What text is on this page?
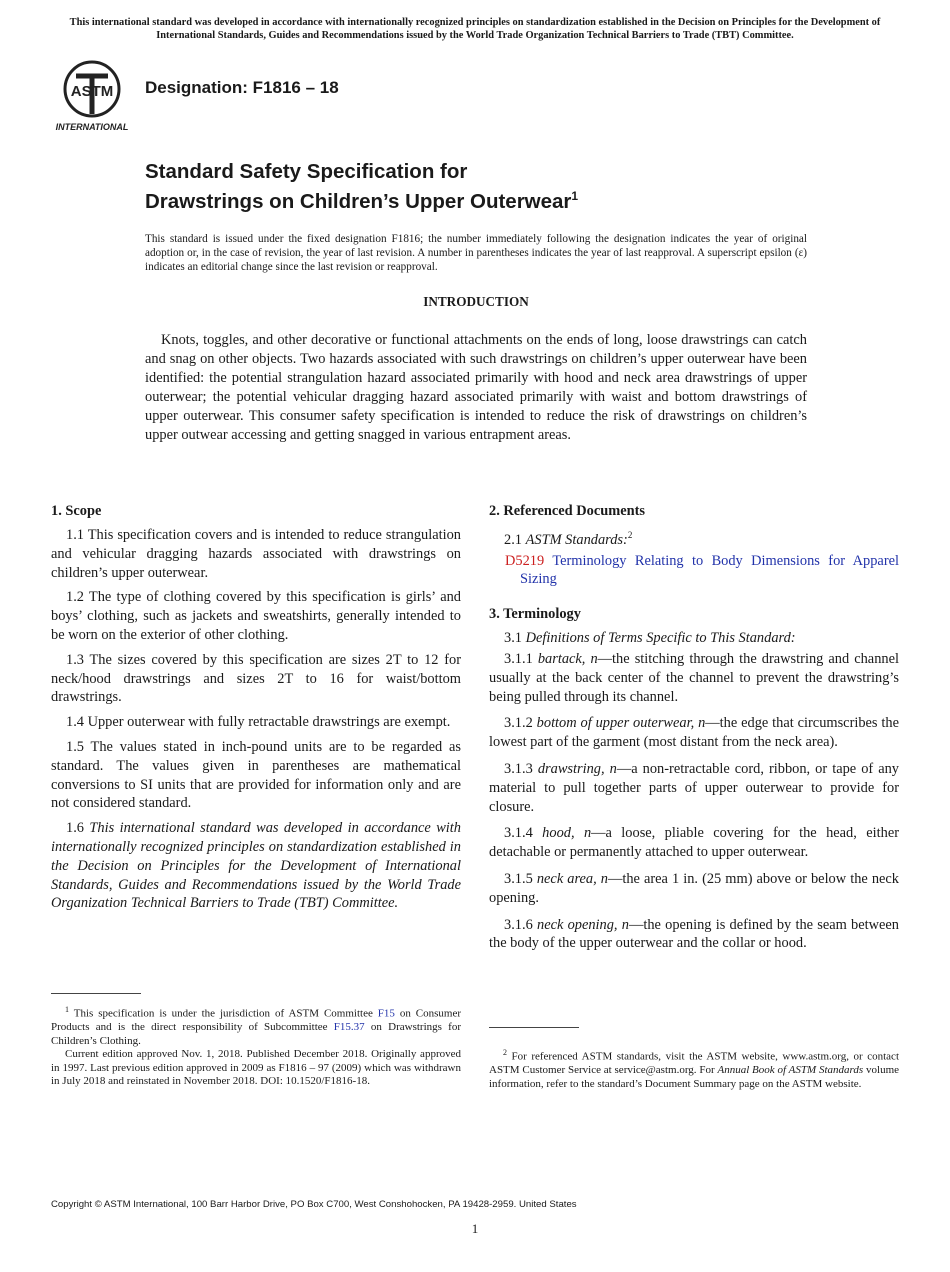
This international standard was developed in accordance with internationally recognized principles on standardization established in the Decision on Principles for the Development of International Standards, Guides and Recommendations issued by the World Trade Organization Technical Barriers to Trade (TBT) Committee.
ASTM
INTERNATIONAL
Designation: F1816 – 18
Standard Safety Specification for
Drawstrings on Children’s Upper Outerwear$^1$
This standard is issued under the fixed designation F1816; the number immediately following the designation indicates the year of original adoption or, in the case of revision, the year of last revision. A number in parentheses indicates the year of last reapproval. A superscript epsilon (ε) indicates an editorial change since the last revision or reapproval.
INTRODUCTION

Knots, toggles, and other decorative or functional attachments on the ends of long, loose drawstrings can catch and snag on other objects. Two hazards associated with such drawstrings on children’s upper outerwear have been identified: the potential strangulation hazard associated primarily with hood and neck area drawstrings of upper outerwear; the potential vehicular dragging hazard associated primarily with waist and bottom drawstrings of upper outerwear. This consumer safety specification is intended to reduce the risk of drawstrings on children’s upper outwear accessing and getting snagged in various entrapment areas.

1. Scope

1.1 This specification covers and is intended to reduce strangulation and vehicular dragging hazards associated with drawstrings on children’s upper outerwear.

1.2 The type of clothing covered by this specification is girls’ and boys’ clothing, such as jackets and sweatshirts, generally intended to be worn on the exterior of other clothing.

1.3 The sizes covered by this specification are sizes 2T to 12 for neck/hood drawstrings and sizes 2T to 16 for waist/bottom drawstrings.

1.4 Upper outerwear with fully retractable drawstrings are exempt.

1.5 The values stated in inch-pound units are to be regarded as standard. The values given in parentheses are mathematical conversions to SI units that are provided for information only and are not considered standard.

1.6 This international standard was developed in accordance with internationally recognized principles on standardization established in the Decision on Principles for the Development of International Standards, Guides and Recommendations issued by the World Trade Organization Technical Barriers to Trade (TBT) Committee.

2. Referenced Documents

2.1 ASTM Standards:$^2$

D5219 Terminology Relating to Body Dimensions for Apparel Sizing

3. Terminology

3.1 Definitions of Terms Specific to This Standard:

3.1.1 bartack, n—the stitching through the drawstring and channel usually at the back center of the channel to prevent the drawstring’s being pulled through its channel.

3.1.2 bottom of upper outerwear, n—the edge that circumscribes the lowest part of the garment (most distant from the neck area).

3.1.3 drawstring, n—a non-retractable cord, ribbon, or tape of any material to pull together parts of upper outerwear to provide for closure.

3.1.4 hood, n—a loose, pliable covering for the head, either detachable or permanently attached to upper outerwear.

3.1.5 neck area, n—the area 1 in. (25 mm) above or below the neck opening.

3.1.6 neck opening, n—the opening is defined by the seam between the body of the upper outerwear and the collar or hood.

$^1$ This specification is under the jurisdiction of ASTM Committee F15 on Consumer Products and is the direct responsibility of Subcommittee F15.37 on Drawstrings for Children’s Clothing.

Current edition approved Nov. 1, 2018. Published December 2018. Originally approved in 1997. Last previous edition approved in 2009 as F1816 – 97 (2009) which was withdrawn in July 2018 and reinstated in November 2018. DOI: 10.1520/F1816-18.

$^2$ For referenced ASTM standards, visit the ASTM website, www.astm.org, or contact ASTM Customer Service at service@astm.org. For Annual Book of ASTM Standards volume information, refer to the standard’s Document Summary page on the ASTM website.

Copyright © ASTM International, 100 Barr Harbor Drive, PO Box C700, West Conshohocken, PA 19428-2959. United States
1
